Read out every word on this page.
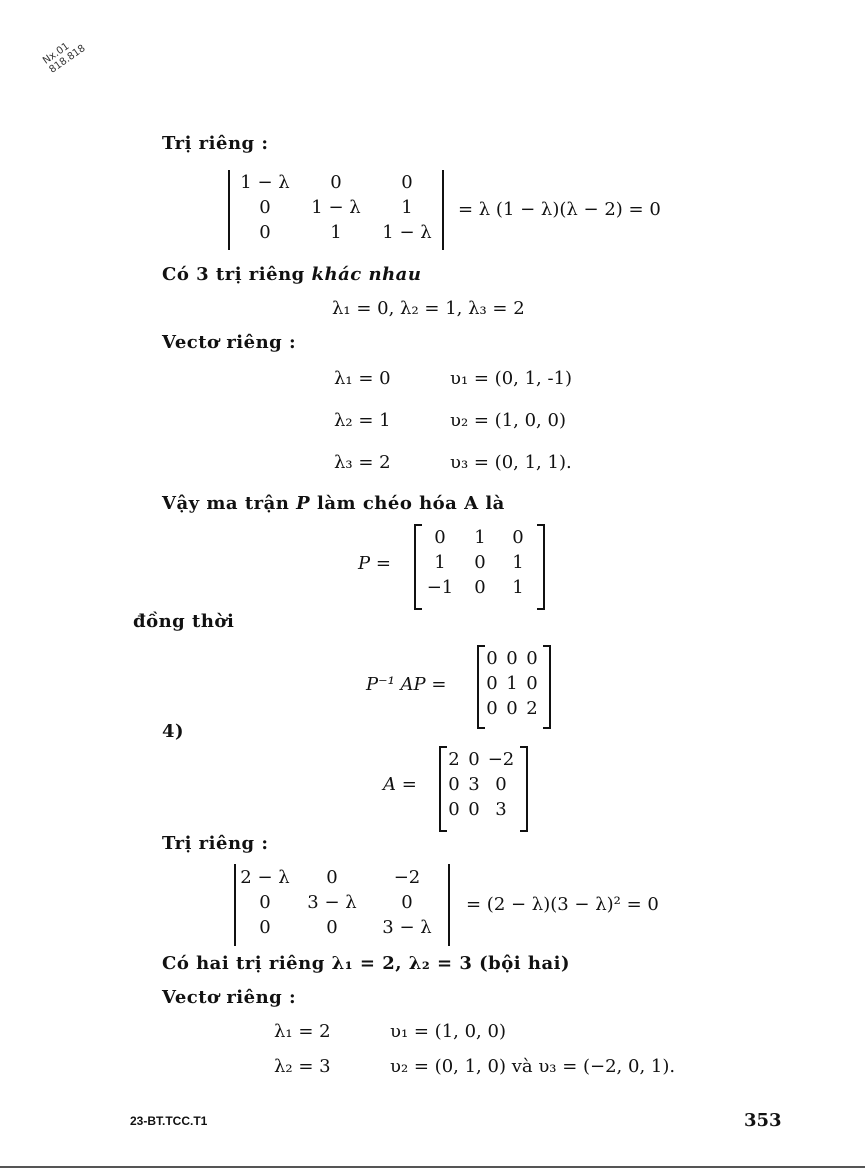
Nx.01 818.818
Trị riêng :
1 − λ	0	0
0	1 − λ	1
0	1	1 − λ
= λ (1 − λ)(λ − 2) = 0
Có 3 trị riêng khác nhau
λ₁ = 0, λ₂ = 1, λ₃ = 2
Vectơ riêng :
λ₁ = 0	υ₁ = (0, 1, -1)
λ₂ = 1	υ₂ = (1, 0, 0)
λ₃ = 2	υ₃ = (0, 1, 1).
Vậy ma trận P làm chéo hóa A là
P =
0	1	0
1	0	1
−1	0	1
đồng thời
P⁻¹ AP =
0	0	0
0	1	0
0	0	2
4)
A =
2	0	−2
0	3	0
0	0	3
Trị riêng :
2 − λ	0	−2
0	3 − λ	0
0	0	3 − λ
= (2 − λ)(3 − λ)² = 0
Có hai trị riêng λ₁ = 2, λ₂ = 3 (bội hai)
Vectơ riêng :
λ₁ = 2	υ₁ = (1, 0, 0)
λ₂ = 3	υ₂ = (0, 1, 0) và υ₃ = (−2, 0, 1).
23-BT.TCC.T1	353
